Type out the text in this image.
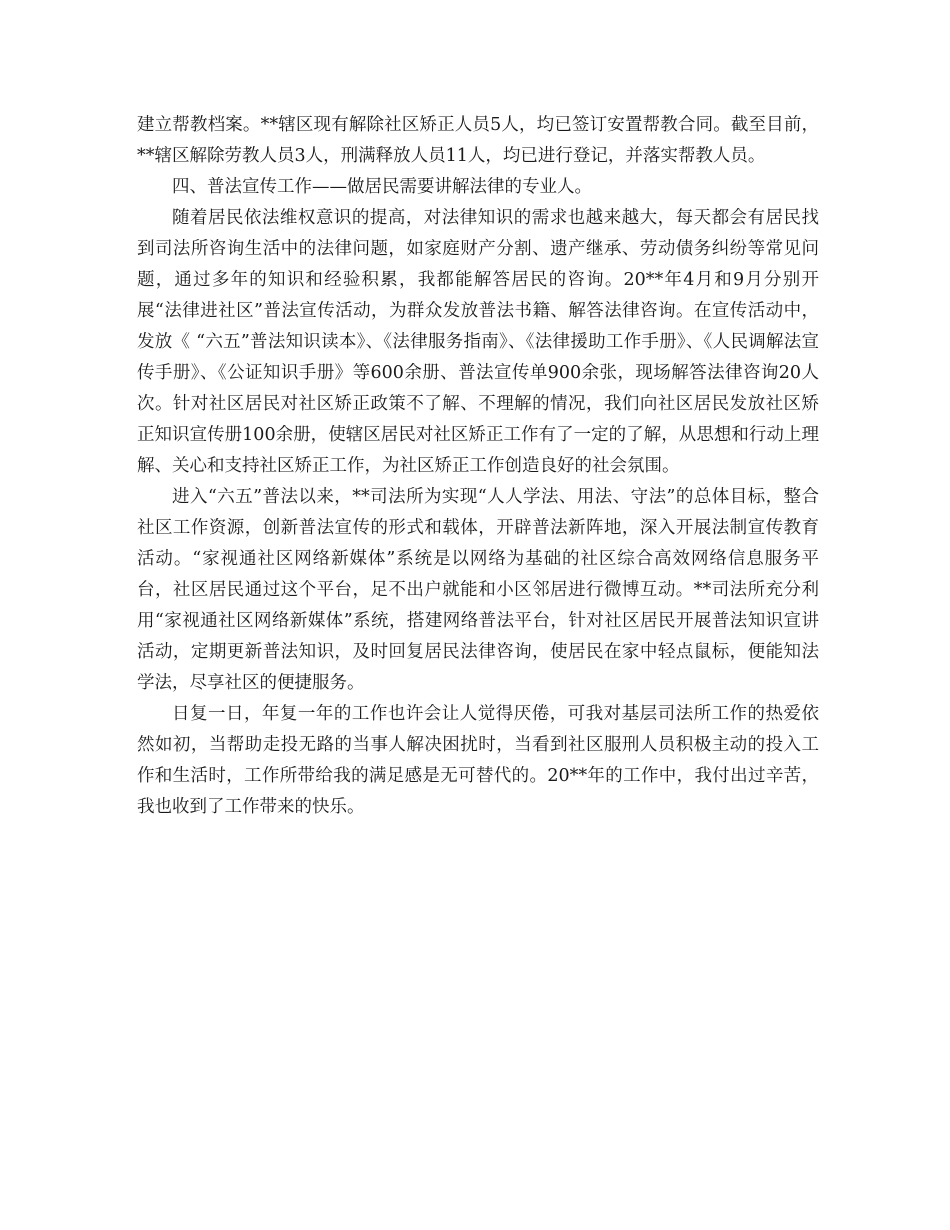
建立帮教档案。**辖区现有解除社区矫正人员5人，均已签订安置帮教合同。截至目前，**辖区解除劳教人员3人，刑满释放人员11人，均已进行登记，并落实帮教人员。

四、普法宣传工作——做居民需要讲解法律的专业人。

随着居民依法维权意识的提高，对法律知识的需求也越来越大，每天都会有居民找到司法所咨询生活中的法律问题，如家庭财产分割、遗产继承、劳动债务纠纷等常见问题，通过多年的知识和经验积累，我都能解答居民的咨询。20**年4月和9月分别开展“法律进社区”普法宣传活动，为群众发放普法书籍、解答法律咨询。在宣传活动中，发放《 “六五”普法知识读本》、《法律服务指南》、《法律援助工作手册》、《人民调解法宣传手册》、《公证知识手册》等600余册、普法宣传单900余张，现场解答法律咨询20人次。针对社区居民对社区矫正政策不了解、不理解的情况，我们向社区居民发放社区矫正知识宣传册100余册，使辖区居民对社区矫正工作有了一定的了解，从思想和行动上理解、关心和支持社区矫正工作，为社区矫正工作创造良好的社会氛围。

进入“六五”普法以来，**司法所为实现“人人学法、用法、守法”的总体目标，整合社区工作资源，创新普法宣传的形式和载体，开辟普法新阵地，深入开展法制宣传教育活动。“家视通社区网络新媒体”系统是以网络为基础的社区综合高效网络信息服务平台，社区居民通过这个平台，足不出户就能和小区邻居进行微博互动。**司法所充分利用“家视通社区网络新媒体”系统，搭建网络普法平台，针对社区居民开展普法知识宣讲活动，定期更新普法知识，及时回复居民法律咨询，使居民在家中轻点鼠标，便能知法学法，尽享社区的便捷服务。

日复一日，年复一年的工作也许会让人觉得厌倦，可我对基层司法所工作的热爱依然如初，当帮助走投无路的当事人解决困扰时，当看到社区服刑人员积极主动的投入工作和生活时，工作所带给我的满足感是无可替代的。20**年的工作中，我付出过辛苦，我也收到了工作带来的快乐。
